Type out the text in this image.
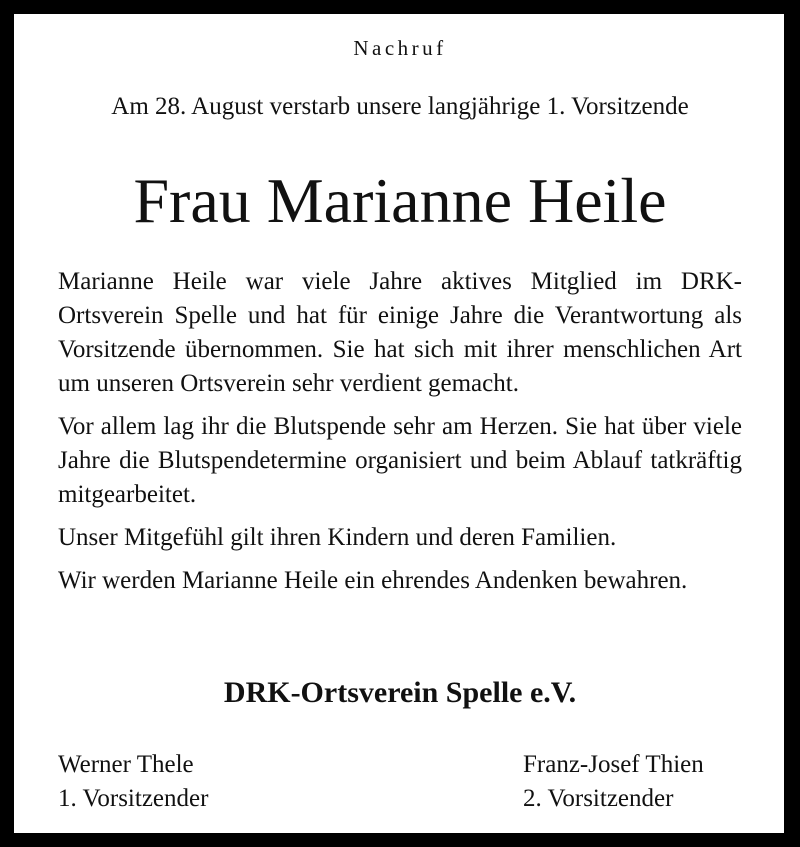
Nachruf
Am 28. August verstarb unsere langjährige 1. Vorsitzende
Frau Marianne Heile

Marianne Heile war viele Jahre aktives Mitglied im DRK-Ortsverein Spelle und hat für einige Jahre die Verantwortung als Vorsitzende übernommen. Sie hat sich mit ihrer menschlichen Art um unseren Ortsverein sehr verdient gemacht.

Vor allem lag ihr die Blutspende sehr am Herzen. Sie hat über viele Jahre die Blutspendetermine organisiert und beim Ablauf tatkräftig mitgearbeitet.

Unser Mitgefühl gilt ihren Kindern und deren Familien.

Wir werden Marianne Heile ein ehrendes Andenken bewahren.

DRK-Ortsverein Spelle e.V.
Werner Thele
1. Vorsitzender
Franz-Josef Thien
2. Vorsitzender
